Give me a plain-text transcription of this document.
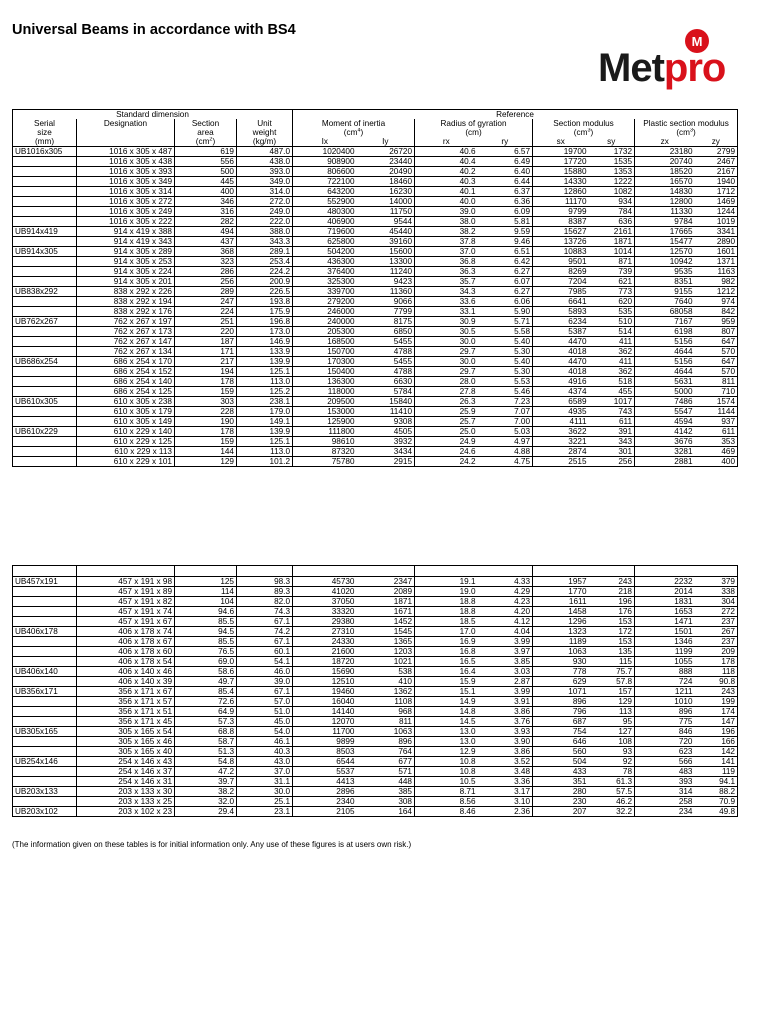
Universal Beams in accordance with BS4
M
Metpro
Standard dimension				Reference							
Serial	Designation	Section	Unit	Moment of inertia		Radius of gyration		Section modulus		Plastic section modulus	
size		area	weight	$(cm^4)$		(cm)		$(cm^3)$		$(cm^3)$	
(mm)		$(cm^2)$	(kg/m)	Ix	Iy	rx	ry	sx	sy	zx	zy
UB1016x305	1016 x 305 x 487	619	487.0	1020400	26720	40.6	6.57	19700	1732	23180	2799
	1016 x 305 x 438	556	438.0	908900	23440	40.4	6.49	17720	1535	20740	2467
	1016 x 305 x 393	500	393.0	806600	20490	40.2	6.40	15880	1353	18520	2167
	1016 x 305 x 349	445	349.0	722100	18460	40.3	6.44	14330	1222	16570	1940
	1016 x 305 x 314	400	314.0	643200	16230	40.1	6.37	12860	1082	14830	1712
	1016 x 305 x 272	346	272.0	552900	14000	40.0	6.36	11170	934	12800	1469
	1016 x 305 x 249	316	249.0	480300	11750	39.0	6.09	9799	784	11330	1244
	1016 x 305 x 222	282	222.0	406900	9544	38.0	5.81	8387	636	9784	1019
UB914x419	914 x 419 x 388	494	388.0	719600	45440	38.2	9.59	15627	2161	17665	3341
	914 x 419 x 343	437	343.3	625800	39160	37.8	9.46	13726	1871	15477	2890
UB914x305	914 x 305 x 289	368	289.1	504200	15600	37.0	6.51	10883	1014	12570	1601
	914 x 305 x 253	323	253.4	436300	13300	36.8	6.42	9501	871	10942	1371
	914 x 305 x 224	286	224.2	376400	11240	36.3	6.27	8269	739	9535	1163
	914 x 305 x 201	256	200.9	325300	9423	35.7	6.07	7204	621	8351	982
UB838x292	838 x 292 x 226	289	226.5	339700	11360	34.3	6.27	7985	773	9155	1212
	838 x 292 x 194	247	193.8	279200	9066	33.6	6.06	6641	620	7640	974
	838 x 292 x 176	224	175.9	246000	7799	33.1	5.90	5893	535	68058	842
UB762x267	762 x 267 x 197	251	196.8	240000	8175	30.9	5.71	6234	510	7167	959
	762 x 267 x 173	220	173.0	205300	6850	30.5	5.58	5387	514	6198	807
	762 x 267 x 147	187	146.9	168500	5455	30.0	5.40	4470	411	5156	647
	762 x 267 x 134	171	133.9	150700	4788	29.7	5.30	4018	362	4644	570
UB686x254	686 x 254 x 170	217	139.9	170300	5455	30.0	5.40	4470	411	5156	647
	686 x 254 x 152	194	125.1	150400	4788	29.7	5.30	4018	362	4644	570
	686 x 254 x 140	178	113.0	136300	6630	28.0	5.53	4916	518	5631	811
	686 x 254 x 125	159	125.2	118000	5784	27.8	5.46	4374	455	5000	710
UB610x305	610 x 305 x 238	303	238.1	209500	15840	26.3	7.23	6589	1017	7486	1574
	610 x 305 x 179	228	179.0	153000	11410	25.9	7.07	4935	743	5547	1144
	610 x 305 x 149	190	149.1	125900	9308	25.7	7.00	4111	611	4594	937
UB610x229	610 x 229 x 140	178	139.9	111800	4505	25.0	5.03	3622	391	4142	611
	610 x 229 x 125	159	125.1	98610	3932	24.9	4.97	3221	343	3676	353
	610 x 229 x 113	144	113.0	87320	3434	24.6	4.88	2874	301	3281	469
	610 x 229 x 101	129	101.2	75780	2915	24.2	4.75	2515	256	2881	400

UB457x191	457 x 191 x 98	125	98.3	45730	2347	19.1	4.33	1957	243	2232	379
	457 x 191 x 89	114	89.3	41020	2089	19.0	4.29	1770	218	2014	338
	457 x 191 x 82	104	82.0	37050	1871	18.8	4.23	1611	196	1831	304
	457 x 191 x 74	94.6	74.3	33320	1671	18.8	4.20	1458	176	1653	272
	457 x 191 x 67	85.5	67.1	29380	1452	18.5	4.12	1296	153	1471	237
UB406x178	406 x 178 x 74	94.5	74.2	27310	1545	17.0	4.04	1323	172	1501	267
	406 x 178 x 67	85.5	67.1	24330	1365	16.9	3.99	1189	153	1346	237
	406 x 178 x 60	76.5	60.1	21600	1203	16.8	3.97	1063	135	1199	209
	406 x 178 x 54	69.0	54.1	18720	1021	16.5	3.85	930	115	1055	178
UB406x140	406 x 140 x 46	58.6	46.0	15690	538	16.4	3.03	778	75.7	888	118
	406 x 140 x 39	49.7	39.0	12510	410	15.9	2.87	629	57.8	724	90.8
UB356x171	356 x 171 x 67	85.4	67.1	19460	1362	15.1	3.99	1071	157	1211	243
	356 x 171 x 57	72.6	57.0	16040	1108	14.9	3.91	896	129	1010	199
	356 x 171 x 51	64.9	51.0	14140	968	14.8	3.86	796	113	896	174
	356 x 171 x 45	57.3	45.0	12070	811	14.5	3.76	687	95	775	147
UB305x165	305 x 165 x 54	68.8	54.0	11700	1063	13.0	3.93	754	127	846	196
	305 x 165 x 46	58.7	46.1	9899	896	13.0	3.90	646	108	720	166
	305 x 165 x 40	51.3	40.3	8503	764	12.9	3.86	560	93	623	142
UB254x146	254 x 146 x 43	54.8	43.0	6544	677	10.8	3.52	504	92	566	141
	254 x 146 x 37	47.2	37.0	5537	571	10.8	3.48	433	78	483	119
	254 x 146 x 31	39.7	31.1	4413	448	10.5	3.36	351	61.3	393	94.1
UB203x133	203 x 133 x 30	38.2	30.0	2896	385	8.71	3.17	280	57.5	314	88.2
	203 x 133 x 25	32.0	25.1	2340	308	8.56	3.10	230	46.2	258	70.9
UB203x102	203 x 102 x 23	29.4	23.1	2105	164	8.46	2.36	207	32.2	234	49.8
(The information given on these tables is for initial information only. Any use of these figures is at users own risk.)
